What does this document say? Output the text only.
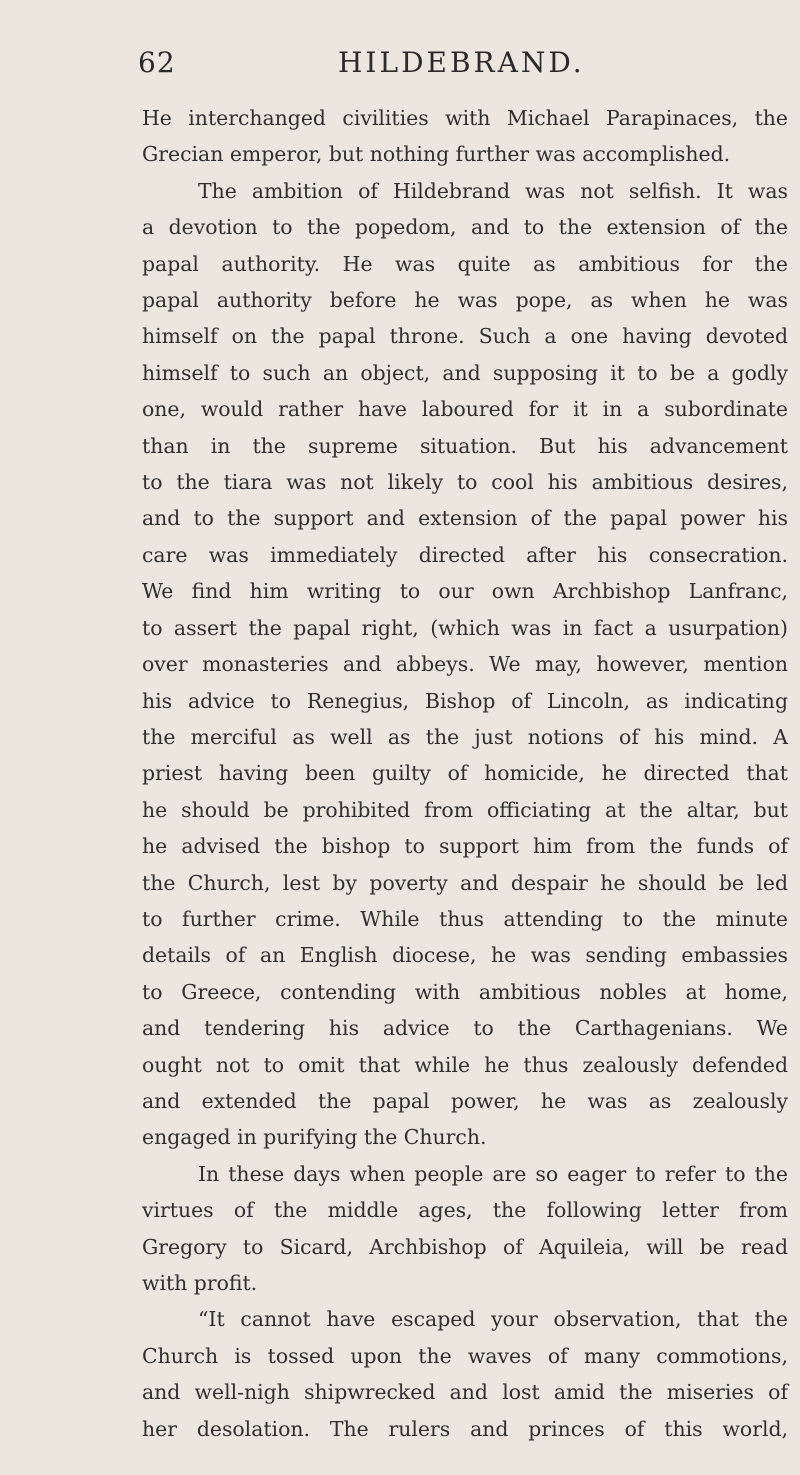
62	HILDEBRAND.
He interchanged civilities with Michael Parapinaces, the
Grecian emperor, but nothing further was accomplished.
The ambition of Hildebrand was not selfish. It was
a devotion to the popedom, and to the extension of the
papal authority. He was quite as ambitious for the
papal authority before he was pope, as when he was
himself on the papal throne. Such a one having devoted
himself to such an object, and supposing it to be a godly
one, would rather have laboured for it in a subordinate
than in the supreme situation. But his advancement
to the tiara was not likely to cool his ambitious desires,
and to the support and extension of the papal power his
care was immediately directed after his consecration.
We find him writing to our own Archbishop Lanfranc,
to assert the papal right, (which was in fact a usurpation)
over monasteries and abbeys. We may, however, mention
his advice to Renegius, Bishop of Lincoln, as indicating
the merciful as well as the just notions of his mind. A
priest having been guilty of homicide, he directed that
he should be prohibited from officiating at the altar, but
he advised the bishop to support him from the funds of
the Church, lest by poverty and despair he should be led
to further crime. While thus attending to the minute
details of an English diocese, he was sending embassies
to Greece, contending with ambitious nobles at home,
and tendering his advice to the Carthagenians. We
ought not to omit that while he thus zealously defended
and extended the papal power, he was as zealously
engaged in purifying the Church.
In these days when people are so eager to refer to the
virtues of the middle ages, the following letter from
Gregory to Sicard, Archbishop of Aquileia, will be read
with profit.
“It cannot have escaped your observation, that the
Church is tossed upon the waves of many commotions,
and well-nigh shipwrecked and lost amid the miseries of
her desolation. The rulers and princes of this world,
